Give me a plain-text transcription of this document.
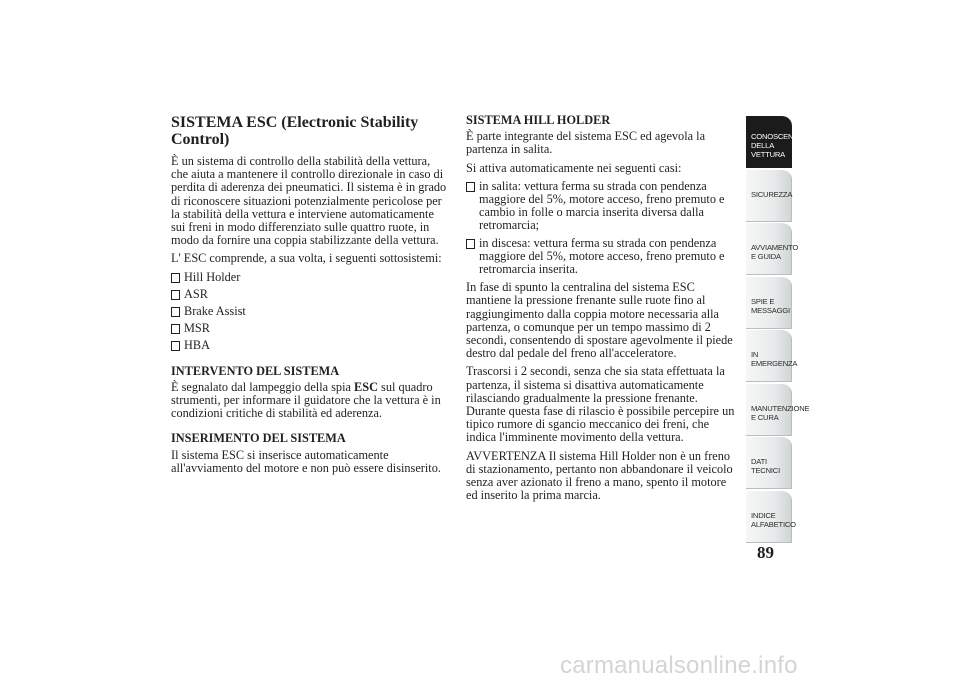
SISTEMA ESC (Electronic Stability Control)

È un sistema di controllo della stabilità della vettura, che aiuta a mantenere il controllo direzionale in caso di perdita di aderenza dei pneumatici. Il sistema è in grado di riconoscere situazioni potenzialmente pericolose per la stabilità della vettura e interviene automaticamente sui freni in modo differenziato sulle quattro ruote, in modo da fornire una coppia stabilizzante della vettura.

L' ESC comprende, a sua volta, i seguenti sottosistemi:

Hill Holder
ASR
Brake Assist
MSR
HBA
INTERVENTO DEL SISTEMA

È segnalato dal lampeggio della spia ESC sul quadro strumenti, per informare il guidatore che la vettura è in condizioni critiche di stabilità ed aderenza.

INSERIMENTO DEL SISTEMA

Il sistema ESC si inserisce automaticamente all'avviamento del motore e non può essere disinserito.

SISTEMA HILL HOLDER

È parte integrante del sistema ESC ed agevola la partenza in salita.

Si attiva automaticamente nei seguenti casi:

in salita: vettura ferma su strada con pendenza maggiore del 5%, motore acceso, freno premuto e cambio in folle o marcia inserita diversa dalla retromarcia;
in discesa: vettura ferma su strada con pendenza maggiore del 5%, motore acceso, freno premuto e retromarcia inserita.

In fase di spunto la centralina del sistema ESC mantiene la pressione frenante sulle ruote fino al raggiungimento dalla coppia motore necessaria alla partenza, o comunque per un tempo massimo di 2 secondi, consentendo di spostare agevolmente il piede destro dal pedale del freno all'acceleratore.

Trascorsi i 2 secondi, senza che sia stata effettuata la partenza, il sistema si disattiva automaticamente rilasciando gradualmente la pressione frenante. Durante questa fase di rilascio è possibile percepire un tipico rumore di sgancio meccanico dei freni, che indica l'imminente movimento della vettura.

AVVERTENZA Il sistema Hill Holder non è un freno di stazionamento, pertanto non abbandonare il veicolo senza aver azionato il freno a mano, spento il motore ed inserito la prima marcia.

CONOSCENZA DELLA VETTURA
SICUREZZA
AVVIAMENTO E GUIDA
SPIE E MESSAGGI
IN EMERGENZA
MANUTENZIONE E CURA
DATI TECNICI
INDICE ALFABETICO
89
carmanualsonline.info
